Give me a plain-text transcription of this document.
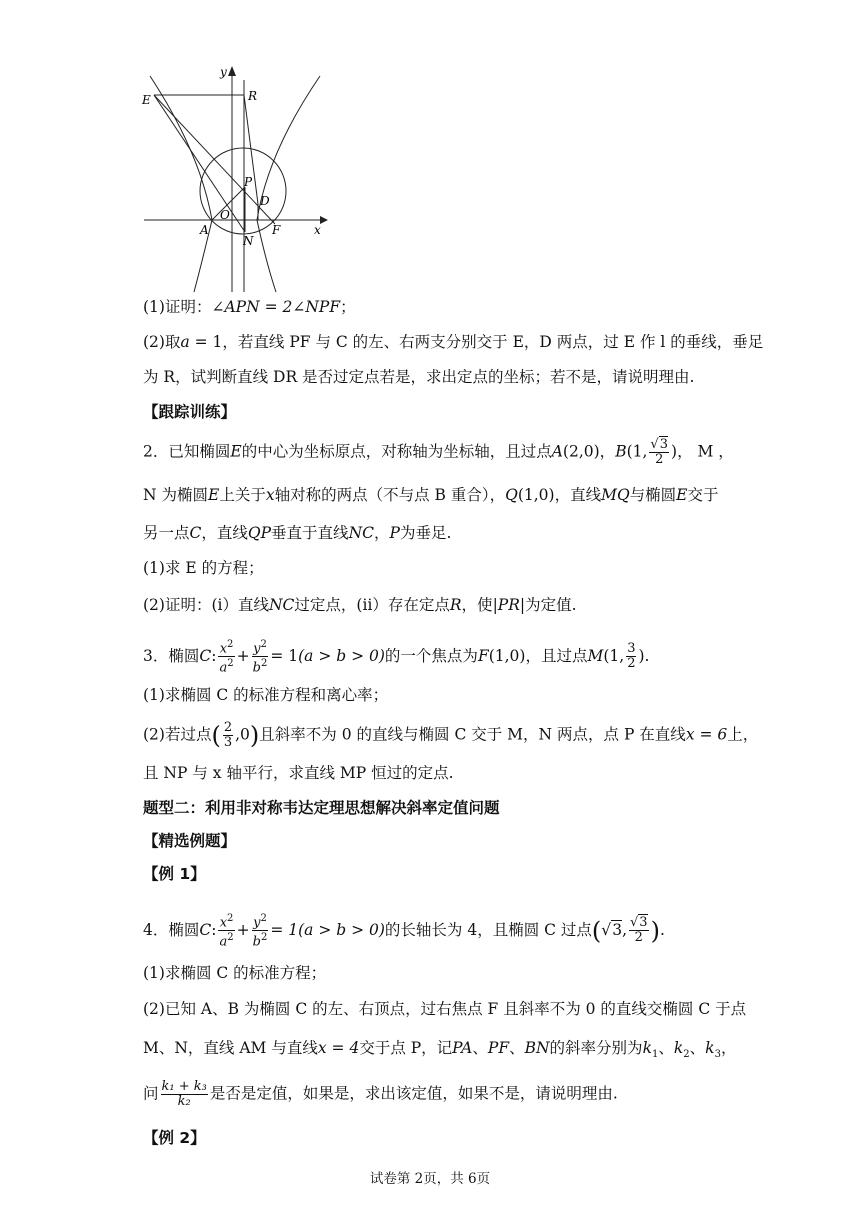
y
x
E	R
P
D
O
A
N
F
(1)证明：∠APN = 2∠NPF；
(2)取a = 1，若直线 PF 与 C 的左、右两支分别交于 E，D 两点，过 E 作 l 的垂线，垂足
为 R，试判断直线 DR 是否过定点若是，求出定点的坐标；若不是，请说明理由.
【跟踪训练】
2．已知椭圆E的中心为坐标原点，对称轴为坐标轴，且过点A(2,0)，B(1, $\frac{√3}{2}$ )， M ，
N 为椭圆E上关于x轴对称的两点（不与点 B 重合），Q(1,0)，直线MQ与椭圆E交于
另一点C，直线QP垂直于直线NC，P为垂足.
(1)求 E 的方程；
(2)证明：(ⅰ）直线NC过定点，(ⅱ）存在定点R，使|PR|为定值.
3．椭圆C: $\frac{x^2}{a^2} + \frac{y^2}{b^2} = 1(a > b > 0)$的一个焦点为F(1,0)，且过点M(1, $\frac{3}{2}$ ).
(1)求椭圆 C 的标准方程和离心率；
(2)若过点( $\frac{2}{3} ,0$)且斜率不为 0 的直线与椭圆 C 交于 M，N 两点，点 P 在直线x = 6上，
且 NP 与 x 轴平行，求直线 MP 恒过的定点.
题型二：利用非对称韦达定理思想解决斜率定值问题
【精选例题】
【例 1】
4．椭圆C: $\frac{x^2}{a^2} + \frac{y^2}{b^2} = 1(a > b > 0)$的长轴长为 4，且椭圆 C 过点(√3, $\frac{√3}{2}$ ).
(1)求椭圆 C 的标准方程；
(2)已知 A、B 为椭圆 C 的左、右顶点，过右焦点 F 且斜率不为 0 的直线交椭圆 C 于点
M、N，直线 AM 与直线x = 4交于点 P，记PA、PF、BN的斜率分别为$k_1$、$k_2$、$k_3$，
问 $\frac{\text{k₁ + k₃}}{\text{k₂}}$ 是否是定值，如果是，求出该定值，如果不是，请说明理由.
【例 2】
试卷第 2页，共 6页
